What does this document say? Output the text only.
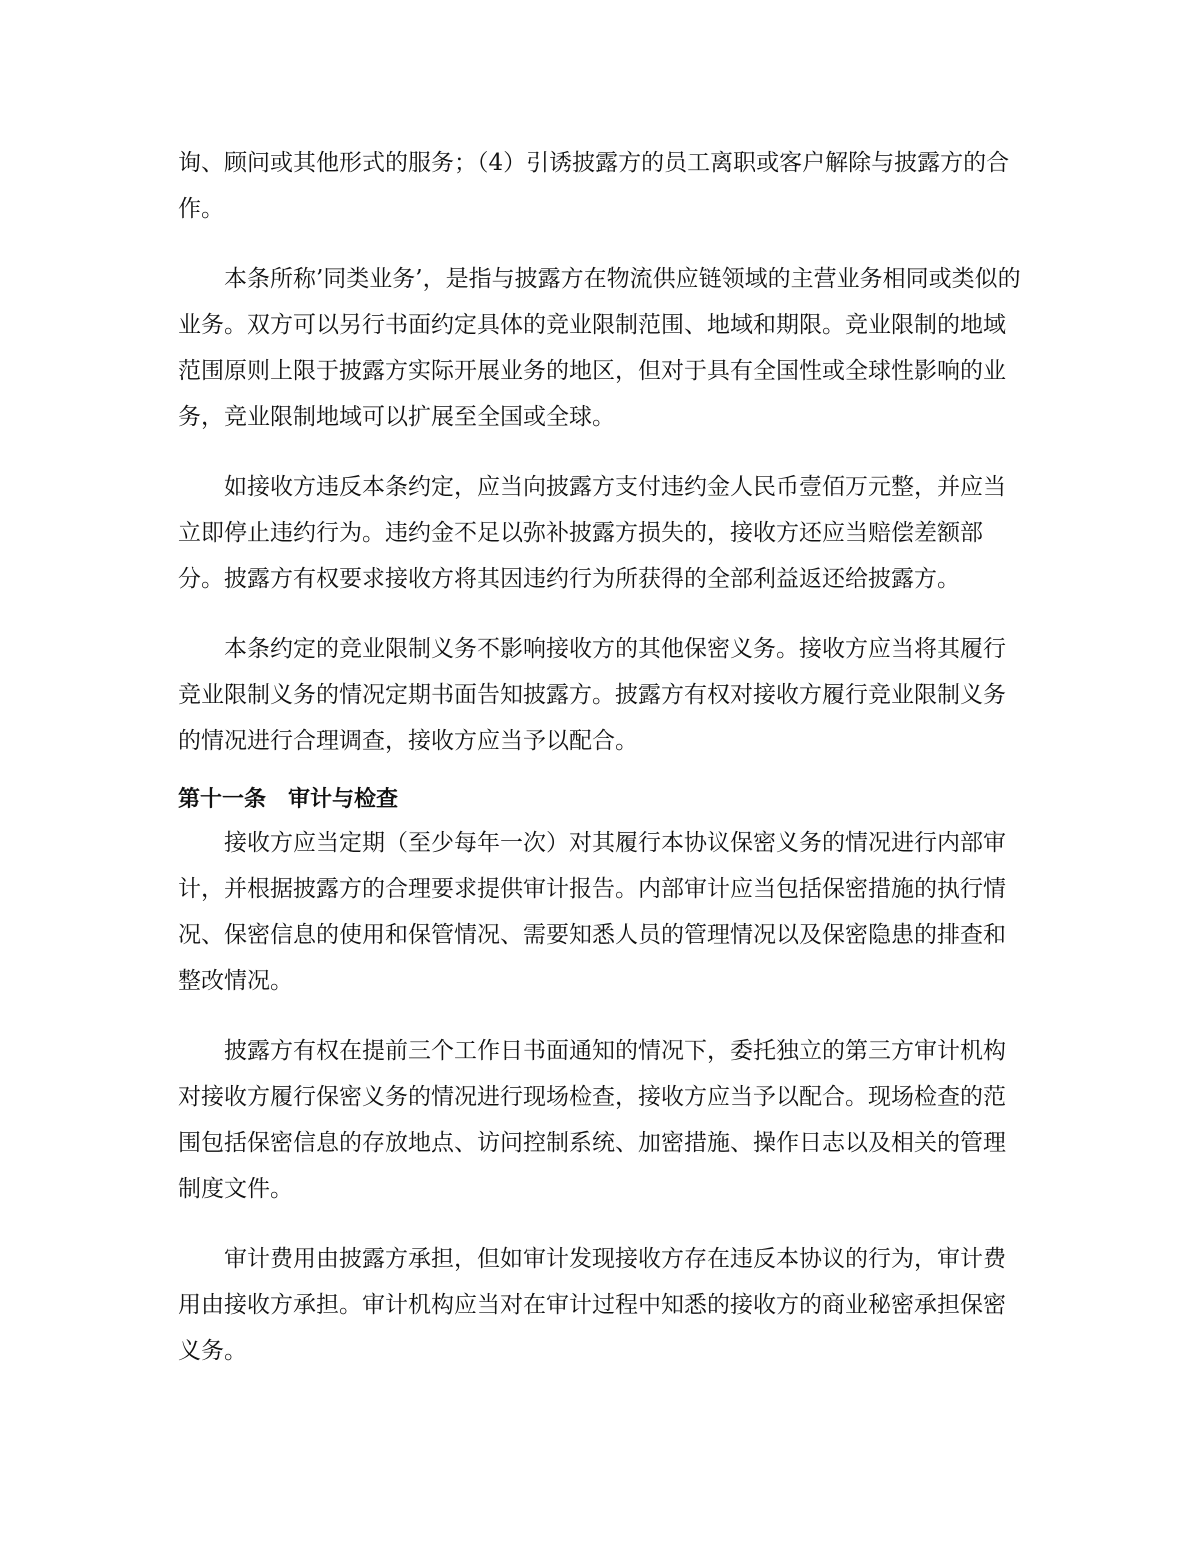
询、顾问或其他形式的服务；（4）引诱披露方的员工离职或客户解除与披露方的合作。

本条所称’同类业务’，是指与披露方在物流供应链领域的主营业务相同或类似的业务。双方可以另行书面约定具体的竞业限制范围、地域和期限。竞业限制的地域范围原则上限于披露方实际开展业务的地区，但对于具有全国性或全球性影响的业务，竞业限制地域可以扩展至全国或全球。

如接收方违反本条约定，应当向披露方支付违约金人民币壹佰万元整，并应当立即停止违约行为。违约金不足以弥补披露方损失的，接收方还应当赔偿差额部分。披露方有权要求接收方将其因违约行为所获得的全部利益返还给披露方。

本条约定的竞业限制义务不影响接收方的其他保密义务。接收方应当将其履行竞业限制义务的情况定期书面告知披露方。披露方有权对接收方履行竞业限制义务的情况进行合理调查，接收方应当予以配合。

第十一条 审计与检查

接收方应当定期（至少每年一次）对其履行本协议保密义务的情况进行内部审计，并根据披露方的合理要求提供审计报告。内部审计应当包括保密措施的执行情况、保密信息的使用和保管情况、需要知悉人员的管理情况以及保密隐患的排查和整改情况。

披露方有权在提前三个工作日书面通知的情况下，委托独立的第三方审计机构对接收方履行保密义务的情况进行现场检查，接收方应当予以配合。现场检查的范围包括保密信息的存放地点、访问控制系统、加密措施、操作日志以及相关的管理制度文件。

审计费用由披露方承担，但如审计发现接收方存在违反本协议的行为，审计费用由接收方承担。审计机构应当对在审计过程中知悉的接收方的商业秘密承担保密义务。
